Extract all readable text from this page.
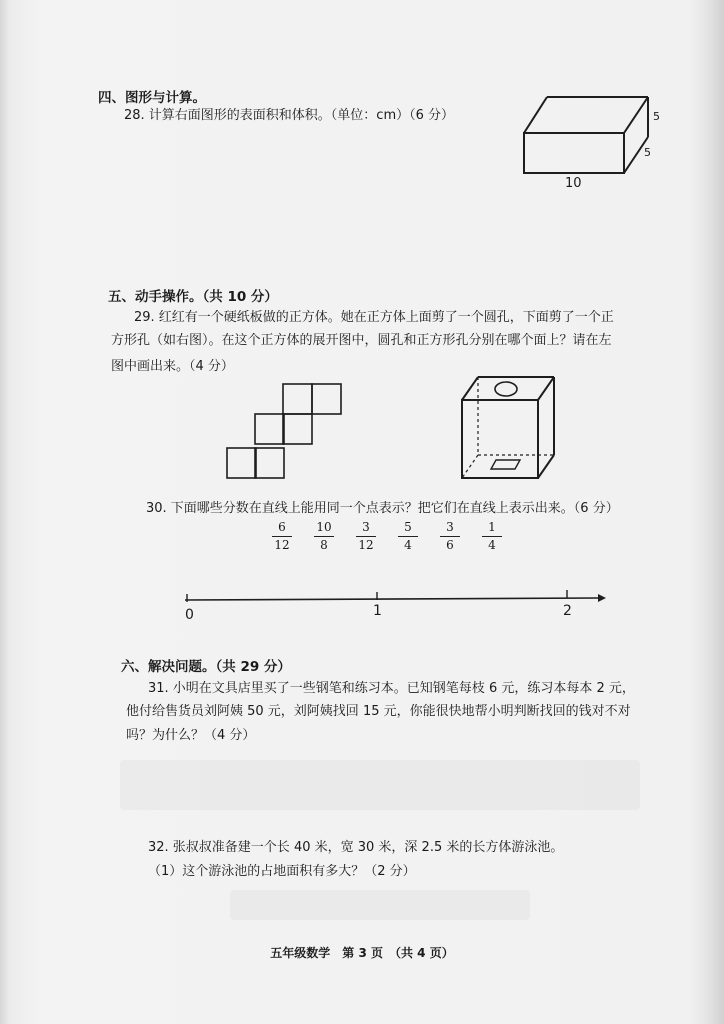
四、图形与计算。
28. 计算右面图形的表面积和体积。（单位：cm）（6 分）
10
5
5
五、动手操作。（共 10 分）
29. 红红有一个硬纸板做的正方体。她在正方体上面剪了一个圆孔，下面剪了一个正
方形孔（如右图）。在这个正方体的展开图中，圆孔和正方形孔分别在哪个面上？请在左
图中画出来。（4 分）
30. 下面哪些分数在直线上能用同一个点表示？把它们在直线上表示出来。（6 分）
6
12
10
8
3
12
5
4
3
6
1
4
0	1	2
六、解决问题。（共 29 分）
31. 小明在文具店里买了一些钢笔和练习本。已知钢笔每枝 6 元，练习本每本 2 元，
他付给售货员刘阿姨 50 元，刘阿姨找回 15 元，你能很快地帮小明判断找回的钱对不对
吗？为什么？（4 分）
32. 张叔叔准备建一个长 40 米，宽 30 米，深 2.5 米的长方体游泳池。
（1）这个游泳池的占地面积有多大？（2 分）
五年级数学　第 3 页　（共 4 页）
